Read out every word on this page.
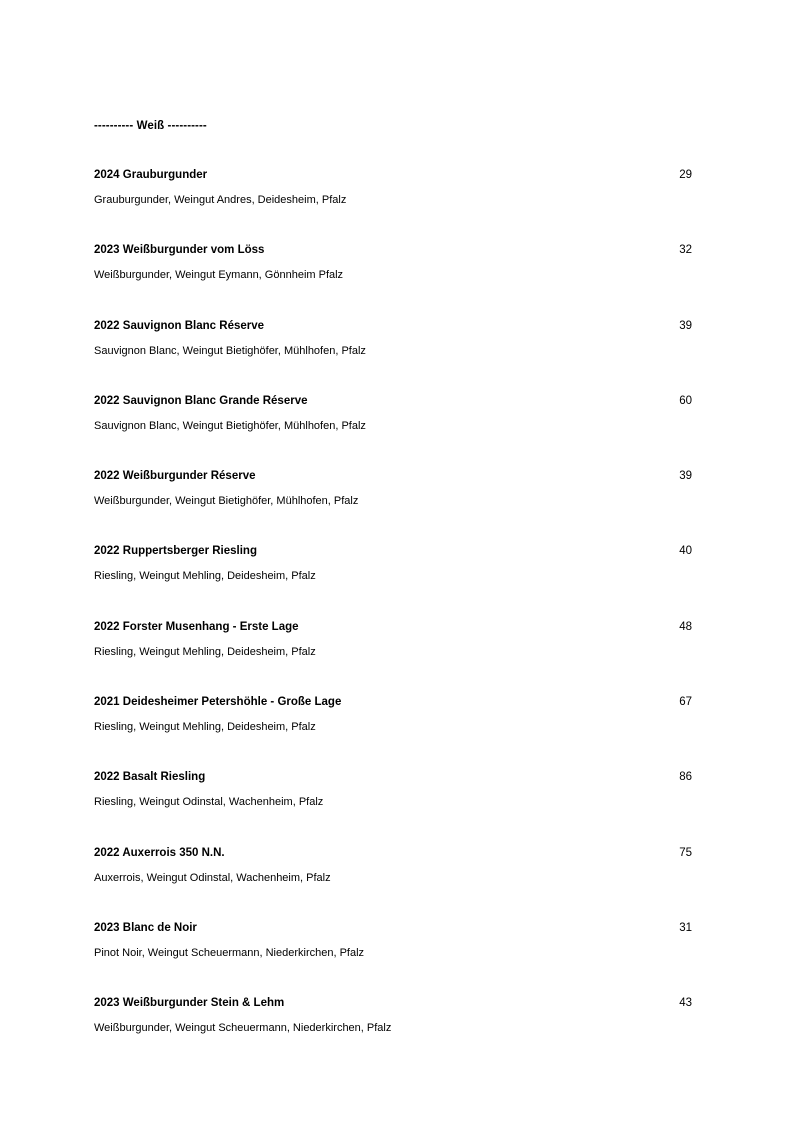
---------- Weiß ----------
2024 Grauburgunder	29
Grauburgunder, Weingut Andres, Deidesheim, Pfalz
2023 Weißburgunder vom Löss	32
Weißburgunder, Weingut Eymann, Gönnheim Pfalz
2022 Sauvignon Blanc Réserve	39
Sauvignon Blanc, Weingut Bietighöfer, Mühlhofen, Pfalz
2022 Sauvignon Blanc Grande Réserve	60
Sauvignon Blanc, Weingut Bietighöfer, Mühlhofen, Pfalz
2022 Weißburgunder Réserve	39
Weißburgunder, Weingut Bietighöfer, Mühlhofen, Pfalz
2022 Ruppertsberger Riesling	40
Riesling, Weingut Mehling, Deidesheim, Pfalz
2022 Forster Musenhang - Erste Lage	48
Riesling, Weingut Mehling, Deidesheim, Pfalz
2021 Deidesheimer Petershöhle - Große Lage	67
Riesling, Weingut Mehling, Deidesheim, Pfalz
2022 Basalt Riesling	86
Riesling, Weingut Odinstal, Wachenheim, Pfalz
2022 Auxerrois 350 N.N.	75
Auxerrois, Weingut Odinstal, Wachenheim, Pfalz
2023 Blanc de Noir	31
Pinot Noir, Weingut Scheuermann, Niederkirchen, Pfalz
2023 Weißburgunder Stein & Lehm	43
Weißburgunder, Weingut Scheuermann, Niederkirchen, Pfalz
